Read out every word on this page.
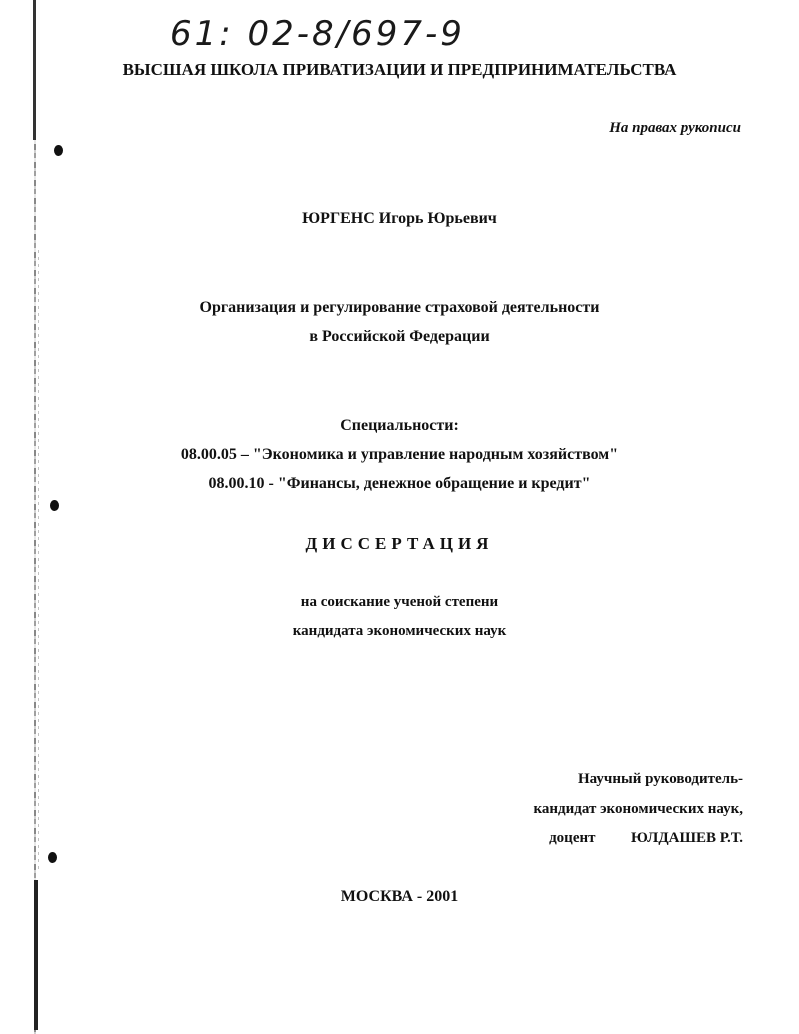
61: 02-8/697-9
ВЫСШАЯ ШКОЛА ПРИВАТИЗАЦИИ И ПРЕДПРИНИМАТЕЛЬСТВА
На правах рукописи
ЮРГЕНС Игорь Юрьевич
Организация и регулирование страховой деятельности
в Российской Федерации
Специальности:
08.00.05 – "Экономика и управление народным хозяйством"
08.00.10 - "Финансы, денежное обращение и кредит"
ДИССЕРТАЦИЯ
на соискание ученой степени
кандидата экономических наук
Научный руководитель-
кандидат экономических наук,
доцент ЮЛДАШЕВ Р.Т.
МОСКВА - 2001
